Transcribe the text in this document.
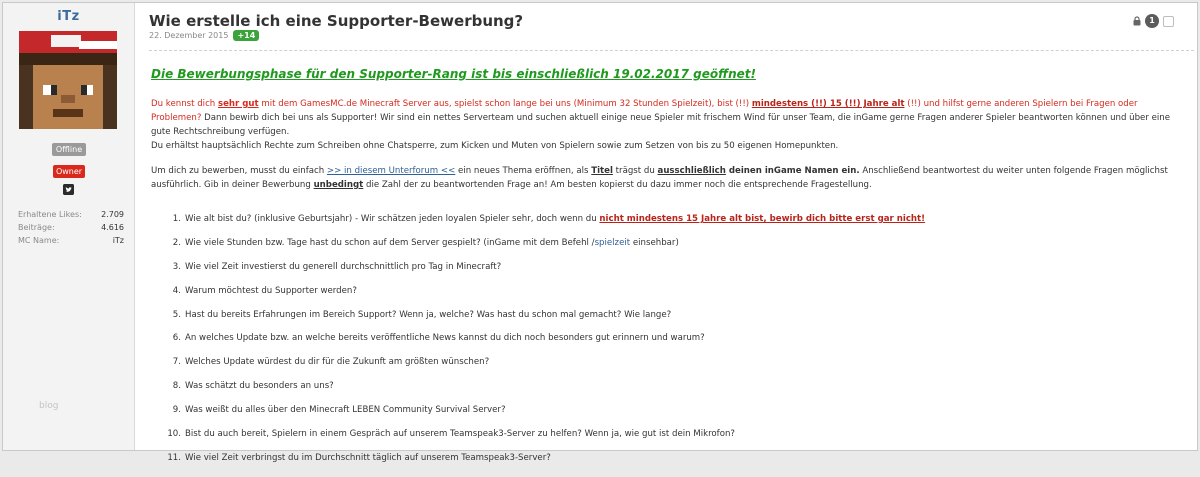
iTz
Offline
Owner
Erhaltene Likes: 2.709
Beiträge:	4.616
MC Name:	iTz
blog
Wie erstelle ich eine Supporter-Bewerbung?
22. Dezember 2015	+14
1

Die Bewerbungsphase für den Supporter-Rang ist bis einschließlich 19.02.2017 geöffnet!

Du kennst dich sehr gut mit dem GamesMC.de Minecraft Server aus, spielst schon lange bei uns (Minimum 32 Stunden Spielzeit), bist (!!) mindestens (!!) 15 (!!) Jahre alt (!!) und hilfst gerne anderen Spielern bei Fragen oder Problemen? Dann bewirb dich bei uns als Supporter! Wir sind ein nettes Serverteam und suchen aktuell einige neue Spieler mit frischem Wind für unser Team, die inGame gerne Fragen anderer Spieler beantworten können und über eine gute Rechtschreibung verfügen.

Du erhältst hauptsächlich Rechte zum Schreiben ohne Chatsperre, zum Kicken und Muten von Spielern sowie zum Setzen von bis zu 50 eigenen Homepunkten.

Um dich zu bewerben, musst du einfach >> in diesem Unterforum << ein neues Thema eröffnen, als Titel trägst du ausschließlich deinen inGame Namen ein. Anschließend beantwortest du weiter unten folgende Fragen möglichst ausführlich. Gib in deiner Bewerbung unbedingt die Zahl der zu beantwortenden Frage an! Am besten kopierst du dazu immer noch die entsprechende Fragestellung.

1. Wie alt bist du? (inklusive Geburtsjahr) - Wir schätzen jeden loyalen Spieler sehr, doch wenn du nicht mindestens 15 Jahre alt bist, bewirb dich bitte erst gar nicht!
2. Wie viele Stunden bzw. Tage hast du schon auf dem Server gespielt? (inGame mit dem Befehl /spielzeit einsehbar)
3. Wie viel Zeit investierst du generell durchschnittlich pro Tag in Minecraft?
4. Warum möchtest du Supporter werden?
5. Hast du bereits Erfahrungen im Bereich Support? Wenn ja, welche? Was hast du schon mal gemacht? Wie lange?
6. An welches Update bzw. an welche bereits veröffentliche News kannst du dich noch besonders gut erinnern und warum?
7. Welches Update würdest du dir für die Zukunft am größten wünschen?
8. Was schätzt du besonders an uns?
9. Was weißt du alles über den Minecraft LEBEN Community Survival Server?
10. Bist du auch bereit, Spielern in einem Gespräch auf unserem Teamspeak3-Server zu helfen? Wenn ja, wie gut ist dein Mikrofon?
11. Wie viel Zeit verbringst du im Durchschnitt täglich auf unserem Teamspeak3-Server?
